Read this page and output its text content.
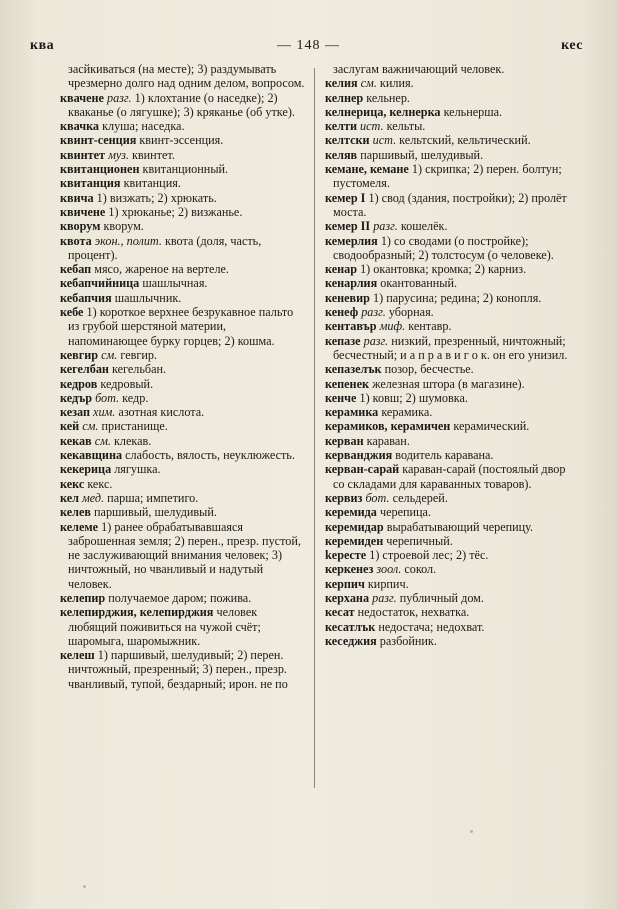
ква	— 148 —	кес

засйкиваться (на месте); 3) раздумывать чрезмерно долго над одним делом, вопросом.

квачене разг. 1) клохтание (о наседке); 2) кваканье (о лягушке); 3) кряканье (об утке).

квачка клуша; наседка.

квинт-сенция квинт-эссенция.

квинтет муз. квинтет.

квитанционен квитанционный.

квитанция квитанция.

квича 1) визжать; 2) хрюкать.

квичене 1) хрюканье; 2) визжанье.

кворум кворум.

квота экон., полит. квота (доля, часть, процент).

кебап мясо, жареное на вертеле.

кебапчийница шашлычная.

кебапчия шашлычник.

кебе 1) короткое верхнее безрукавное пальто из грубой шерстяной материи, напоминающее бурку горцев; 2) кошма.

кевгир см. гевгир.

кегелбан кегельбан.

кедров кедровый.

кедър бот. кедр.

кезап хим. азотная кислота.

кей см. пристанище.

кекав см. клекав.

кекавщина слабость, вялость, неуклюжесть.

кекерица лягушка.

кекс кекс.

кел мед. парша; импетиго.

келев паршивый, шелудивый.

келеме 1) ранее обрабатывавшаяся заброшенная земля; 2) перен., презр. пустой, не заслуживающий внимания человек; 3) ничтожный, но чванливый и надутый человек.

келепир получаемое даром; пожива.

келепирджия, келепирджия человек любящий поживиться на чужой счёт; шаромыга, шаромыжник.

келеш 1) паршивый, шелудивый; 2) перен. ничтожный, презренный; 3) перен., презр. чванливый, тупой, бездарный; ирон. не по

заслугам важничающий человек.

келия см. килия.

келнер кельнер.

келнерица, келнерка кельнерша.

келти ист. кельты.

келтски ист. кельтский, кельтический.

келяв паршивый, шелудивый.

кемане, кеманe 1) скрипка; 2) перен. болтун; пустомеля.

кемер I 1) свод (здания, постройки); 2) пролёт моста.

кемер II разг. кошелёк.

кемерлия 1) со сводами (о постройке); сводообразный; 2) толстосум (о человеке).

кенар 1) окантовка; кромка; 2) карниз.

кенарлия окантованный.

кеневир 1) парусина; рединa; 2) конопля.

кенеф разг. уборная.

кентавър миф. кентавр.

кепазе разг. низкий, презренный, ничтожный; бесчестный; и а п р а в и г о к. он его унизил.

кепазелък позор, бесчестье.

кепенек железная штора (в магазине).

кенчe 1) ковш; 2) шумовка.

керамика керамика.

керамиков, керамичен керамический.

керван караван.

керванджия водитель каравана.

керван-сарай караван-сарай (постоялый двор со складами для караванных товаров).

кервиз бот. сельдерей.

керемида черепица.

керемидар вырабатывающий черепицу.

керемиден черепичный.

kepecте 1) строевой лес; 2) тёс.

керкенез зоол. сокол.

керпич кирпич.

керхана разг. публичный дом.

кесат недостаток, нехватка.

кесатлък недостача; недохват.

кеседжия разбойник.
